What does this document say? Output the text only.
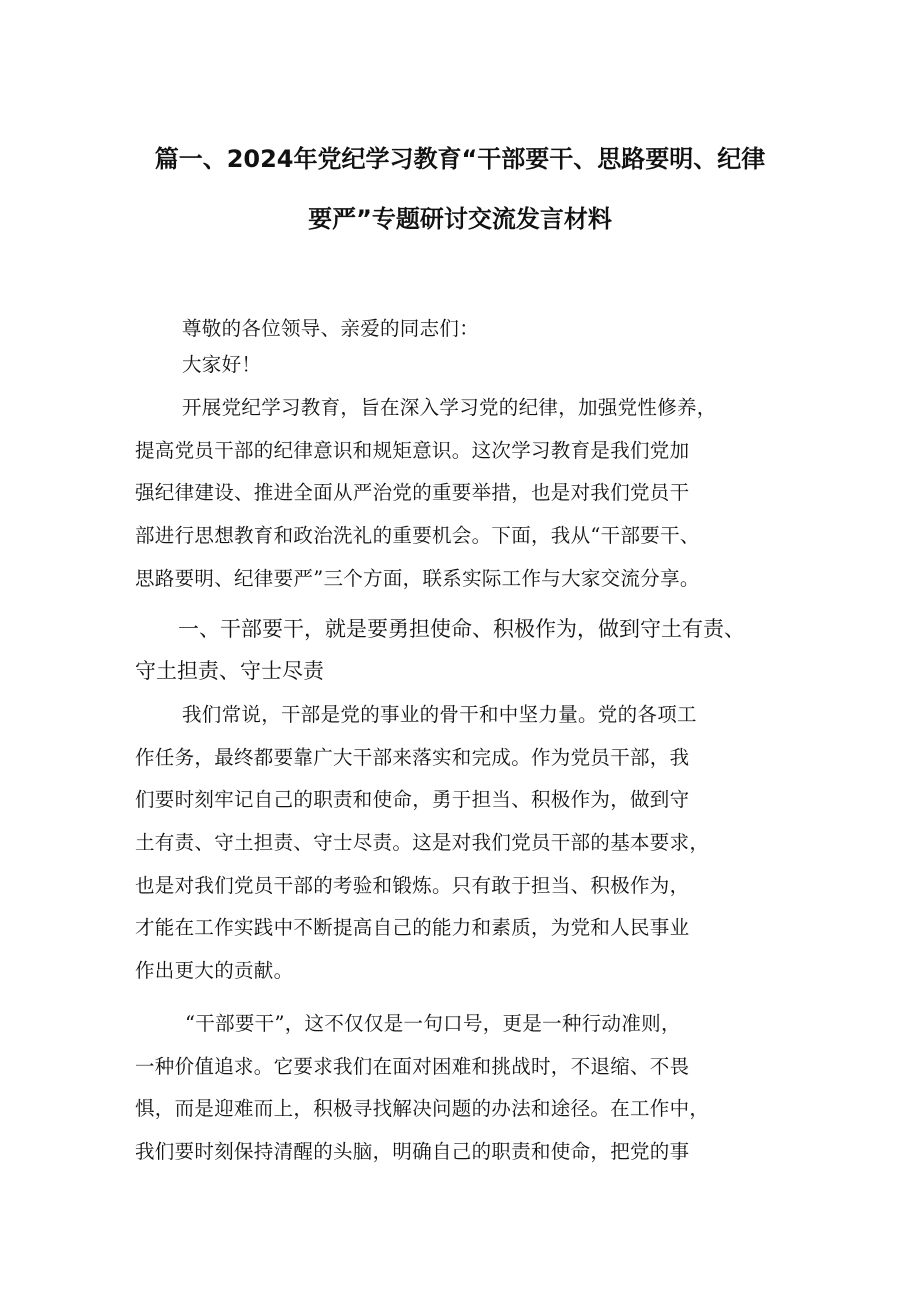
篇一、2024年党纪学习教育“干部要干、思路要明、纪律
要严”专题研讨交流发言材料
尊敬的各位领导、亲爱的同志们：
大家好！
开展党纪学习教育，旨在深入学习党的纪律，加强党性修养，
提高党员干部的纪律意识和规矩意识。这次学习教育是我们党加
强纪律建设、推进全面从严治党的重要举措，也是对我们党员干
部进行思想教育和政治洗礼的重要机会。下面，我从“干部要干、
思路要明、纪律要严”三个方面，联系实际工作与大家交流分享。
一、干部要干，就是要勇担使命、积极作为，做到守土有责、
守土担责、守士尽责
我们常说，干部是党的事业的骨干和中坚力量。党的各项工
作任务，最终都要靠广大干部来落实和完成。作为党员干部，我
们要时刻牢记自己的职责和使命，勇于担当、积极作为，做到守
土有责、守土担责、守士尽责。这是对我们党员干部的基本要求，
也是对我们党员干部的考验和锻炼。只有敢于担当、积极作为，
才能在工作实践中不断提高自己的能力和素质，为党和人民事业
作出更大的贡献。
“干部要干”，这不仅仅是一句口号，更是一种行动准则，
一种价值追求。它要求我们在面对困难和挑战时，不退缩、不畏
惧，而是迎难而上，积极寻找解决问题的办法和途径。在工作中，
我们要时刻保持清醒的头脑，明确自己的职责和使命，把党的事
